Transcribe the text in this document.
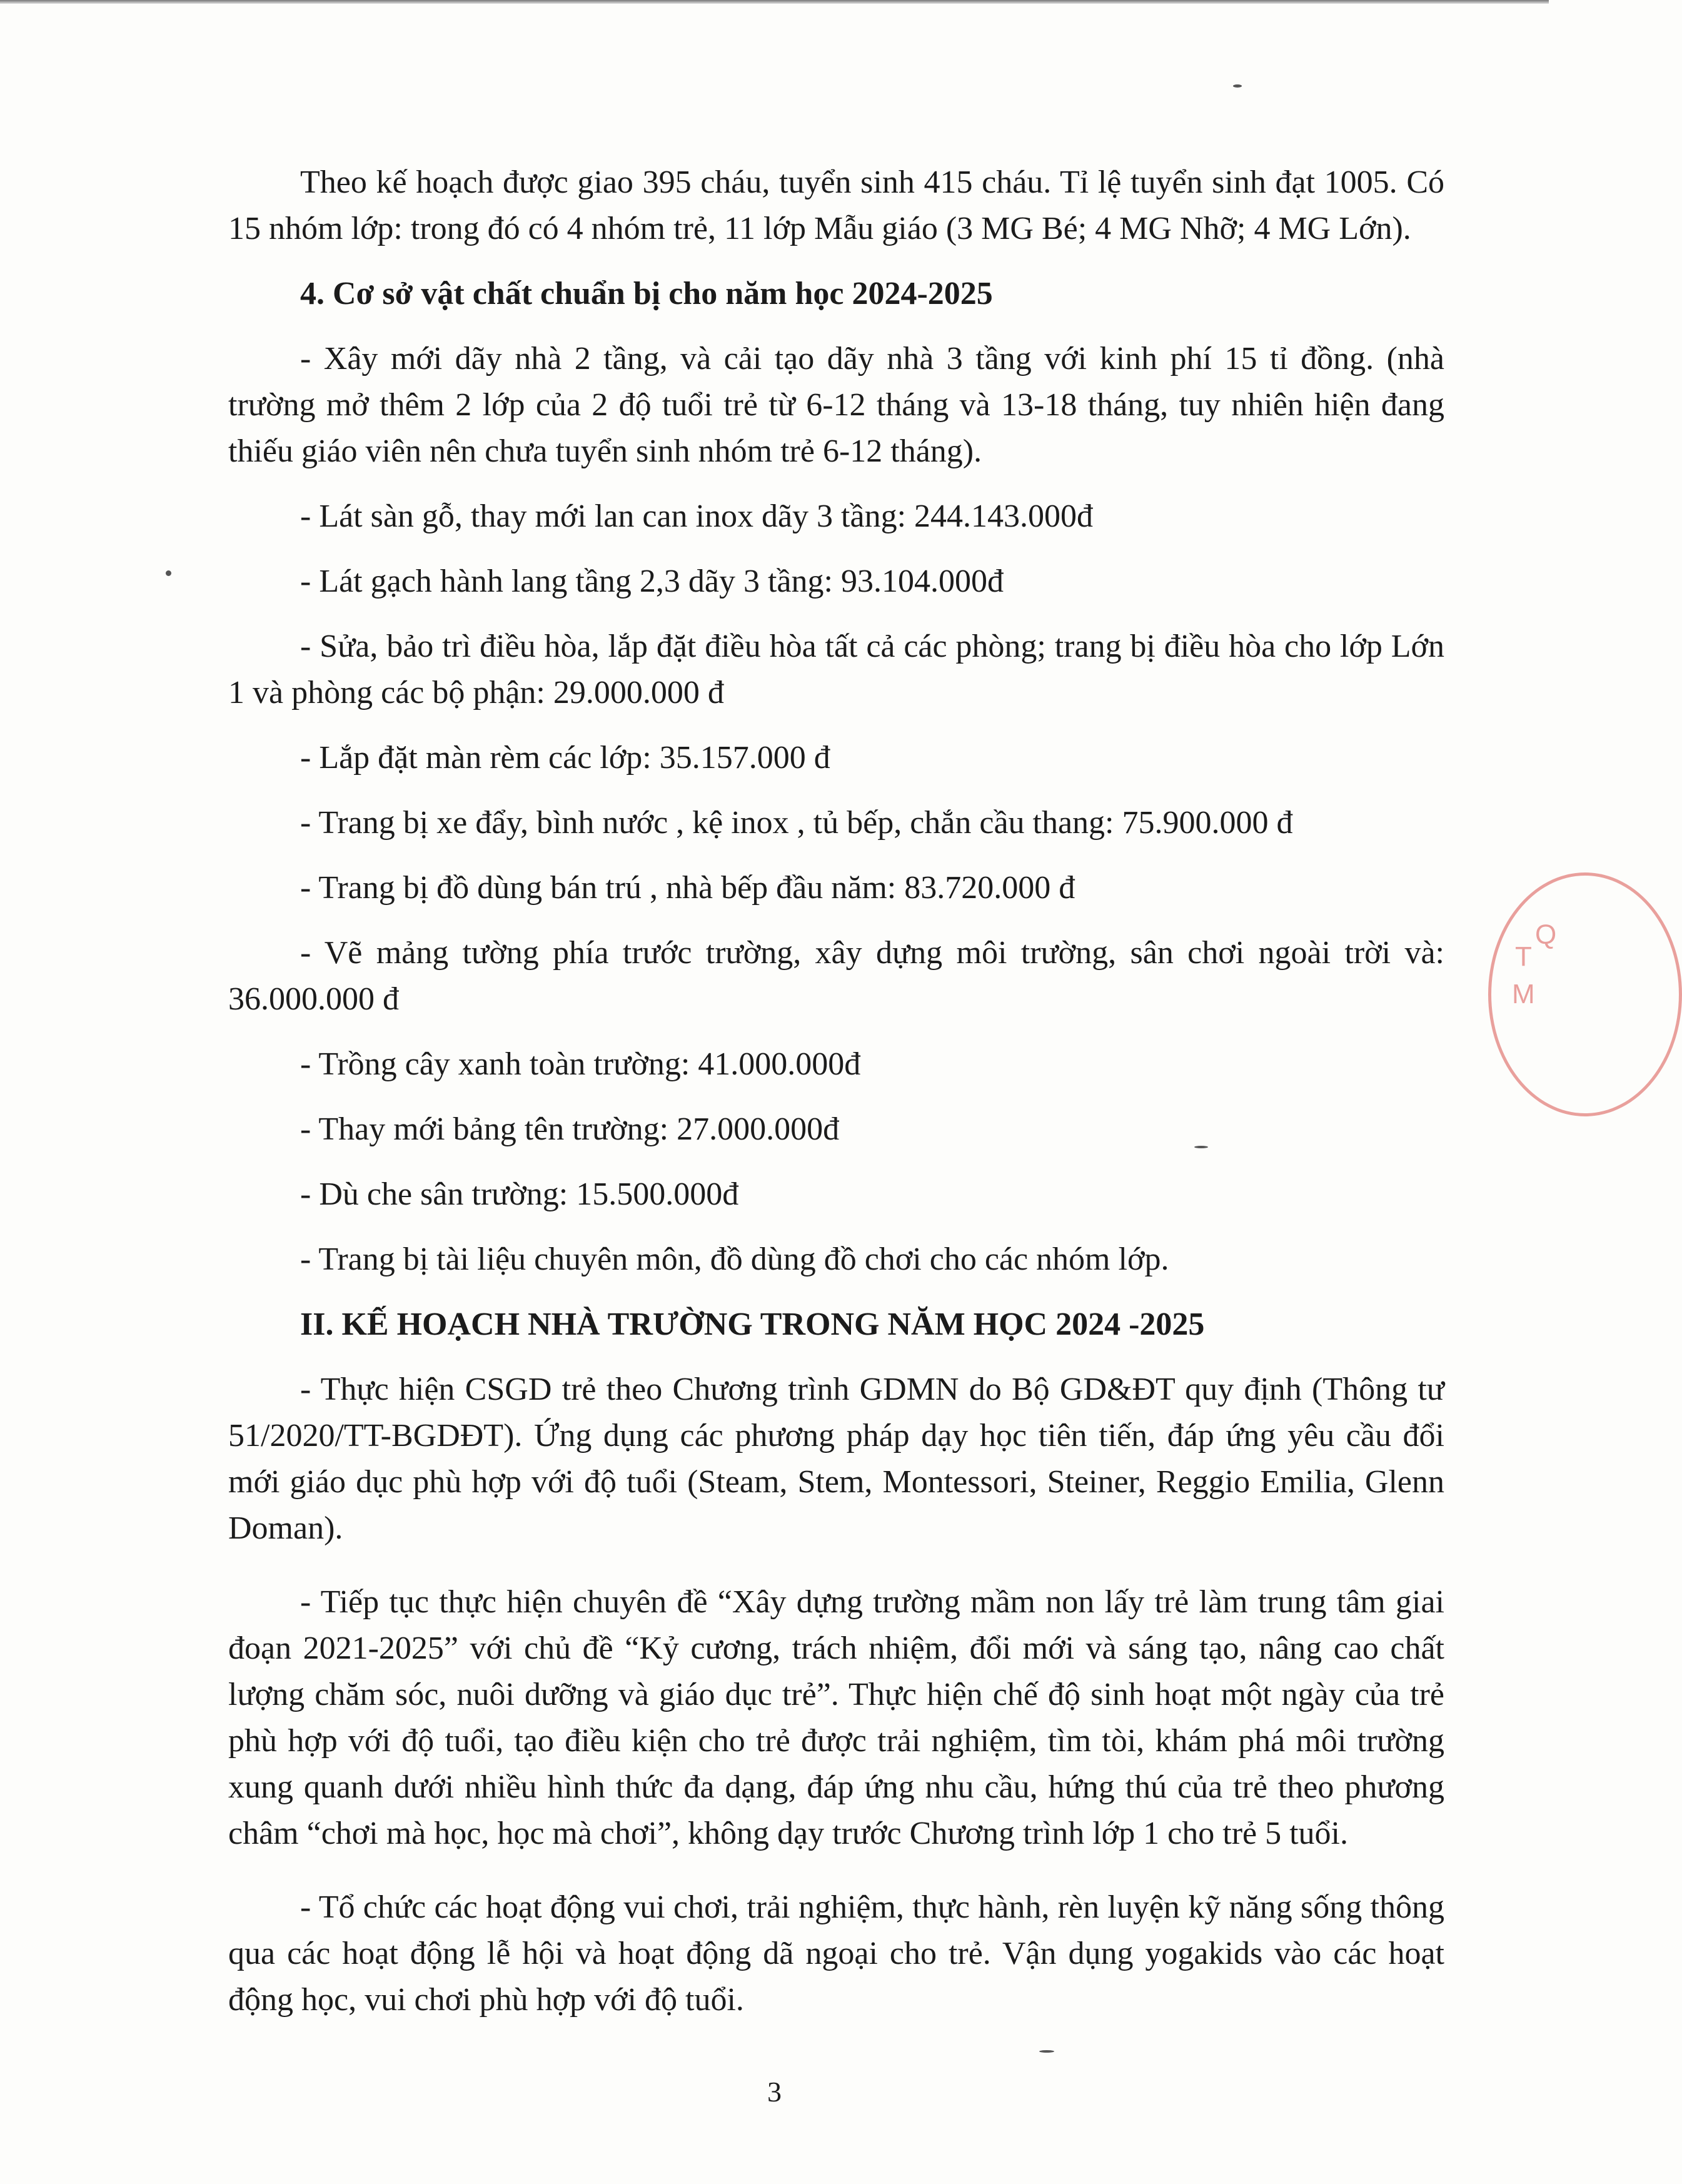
Theo kế hoạch được giao 395 cháu, tuyển sinh 415 cháu. Tỉ lệ tuyển sinh đạt 1005. Có 15 nhóm lớp: trong đó có 4 nhóm trẻ, 11 lớp Mẫu giáo (3 MG Bé; 4 MG Nhỡ; 4 MG Lớn).

4. Cơ sở vật chất chuẩn bị cho năm học 2024-2025

- Xây mới dãy nhà 2 tầng, và cải tạo dãy nhà 3 tầng với kinh phí 15 tỉ đồng. (nhà trường mở thêm 2 lớp của 2 độ tuổi trẻ từ 6-12 tháng và 13-18 tháng, tuy nhiên hiện đang thiếu giáo viên nên chưa tuyển sinh nhóm trẻ 6-12 tháng).

- Lát sàn gỗ, thay mới lan can inox dãy 3 tầng: 244.143.000đ

- Lát gạch hành lang tầng 2,3 dãy 3 tầng: 93.104.000đ

- Sửa, bảo trì điều hòa, lắp đặt điều hòa tất cả các phòng; trang bị điều hòa cho lớp Lớn 1 và phòng các bộ phận: 29.000.000 đ

- Lắp đặt màn rèm các lớp: 35.157.000 đ

- Trang bị xe đẩy, bình nước , kệ inox , tủ bếp, chắn cầu thang: 75.900.000 đ

- Trang bị đồ dùng bán trú , nhà bếp đầu năm: 83.720.000 đ

- Vẽ mảng tường phía trước trường, xây dựng môi trường, sân chơi ngoài trời và: 36.000.000 đ

- Trồng cây xanh toàn trường: 41.000.000đ

- Thay mới bảng tên trường: 27.000.000đ

- Dù che sân trường: 15.500.000đ

- Trang bị tài liệu chuyên môn, đồ dùng đồ chơi cho các nhóm lớp.

II. KẾ HOẠCH NHÀ TRƯỜNG TRONG NĂM HỌC 2024 -2025

- Thực hiện CSGD trẻ theo Chương trình GDMN do Bộ GD&ĐT quy định (Thông tư 51/2020/TT-BGDĐT). Ứng dụng các phương pháp dạy học tiên tiến, đáp ứng yêu cầu đổi mới giáo dục phù hợp với độ tuổi (Steam, Stem, Montessori, Steiner, Reggio Emilia, Glenn Doman).

- Tiếp tục thực hiện chuyên đề “Xây dựng trường mầm non lấy trẻ làm trung tâm giai đoạn 2021-2025” với chủ đề “Kỷ cương, trách nhiệm, đổi mới và sáng tạo, nâng cao chất lượng chăm sóc, nuôi dưỡng và giáo dục trẻ”. Thực hiện chế độ sinh hoạt một ngày của trẻ phù hợp với độ tuổi, tạo điều kiện cho trẻ được trải nghiệm, tìm tòi, khám phá môi trường xung quanh dưới nhiều hình thức đa dạng, đáp ứng nhu cầu, hứng thú của trẻ theo phương châm “chơi mà học, học mà chơi”, không dạy trước Chương trình lớp 1 cho trẻ 5 tuổi.

- Tổ chức các hoạt động vui chơi, trải nghiệm, thực hành, rèn luyện kỹ năng sống thông qua các hoạt động lễ hội và hoạt động dã ngoại cho trẻ. Vận dụng yogakids vào các hoạt động học, vui chơi phù hợp với độ tuổi.

3
Q
T
M
